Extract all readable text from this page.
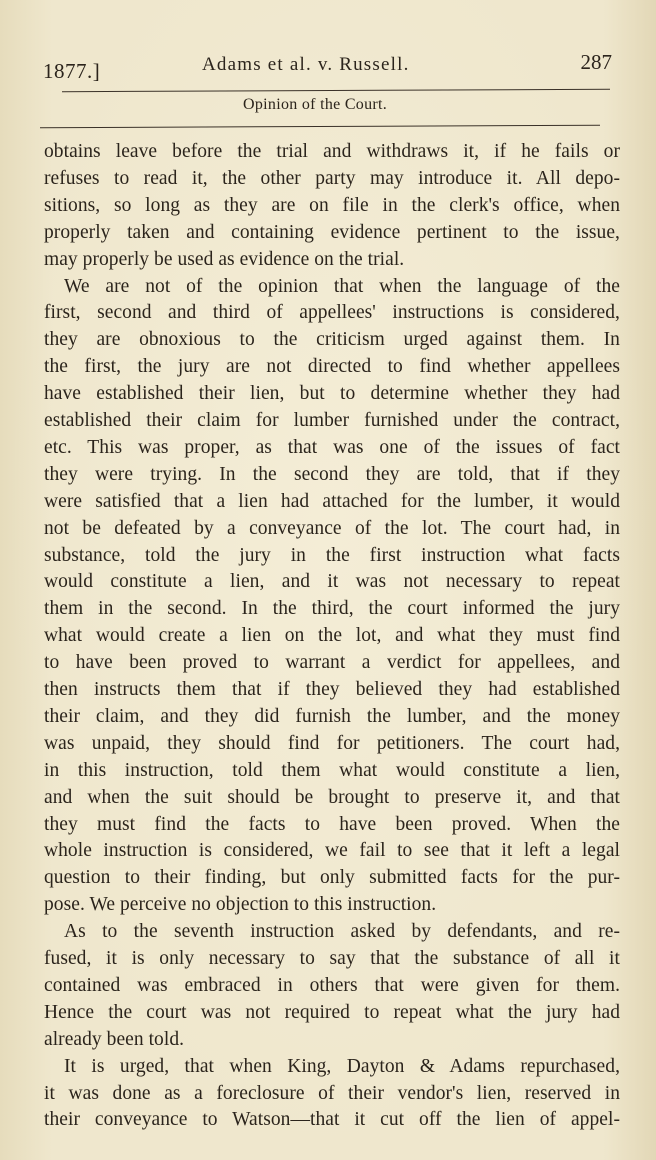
1877.]	Adams et al. v. Russell.	287
Opinion of the Court.
obtains leave before the trial and withdraws it, if he fails or
refuses to read it, the other party may introduce it. All depo-
sitions, so long as they are on file in the clerk's office, when
properly taken and containing evidence pertinent to the issue,
may properly be used as evidence on the trial.
We are not of the opinion that when the language of the
first, second and third of appellees' instructions is considered,
they are obnoxious to the criticism urged against them. In
the first, the jury are not directed to find whether appellees
have established their lien, but to determine whether they had
established their claim for lumber furnished under the contract,
etc. This was proper, as that was one of the issues of fact
they were trying. In the second they are told, that if they
were satisfied that a lien had attached for the lumber, it would
not be defeated by a conveyance of the lot. The court had, in
substance, told the jury in the first instruction what facts
would constitute a lien, and it was not necessary to repeat
them in the second. In the third, the court informed the jury
what would create a lien on the lot, and what they must find
to have been proved to warrant a verdict for appellees, and
then instructs them that if they believed they had established
their claim, and they did furnish the lumber, and the money
was unpaid, they should find for petitioners. The court had,
in this instruction, told them what would constitute a lien,
and when the suit should be brought to preserve it, and that
they must find the facts to have been proved. When the
whole instruction is considered, we fail to see that it left a legal
question to their finding, but only submitted facts for the pur-
pose. We perceive no objection to this instruction.
As to the seventh instruction asked by defendants, and re-
fused, it is only necessary to say that the substance of all it
contained was embraced in others that were given for them.
Hence the court was not required to repeat what the jury had
already been told.
It is urged, that when King, Dayton & Adams repurchased,
it was done as a foreclosure of their vendor's lien, reserved in
their conveyance to Watson—that it cut off the lien of appel-
